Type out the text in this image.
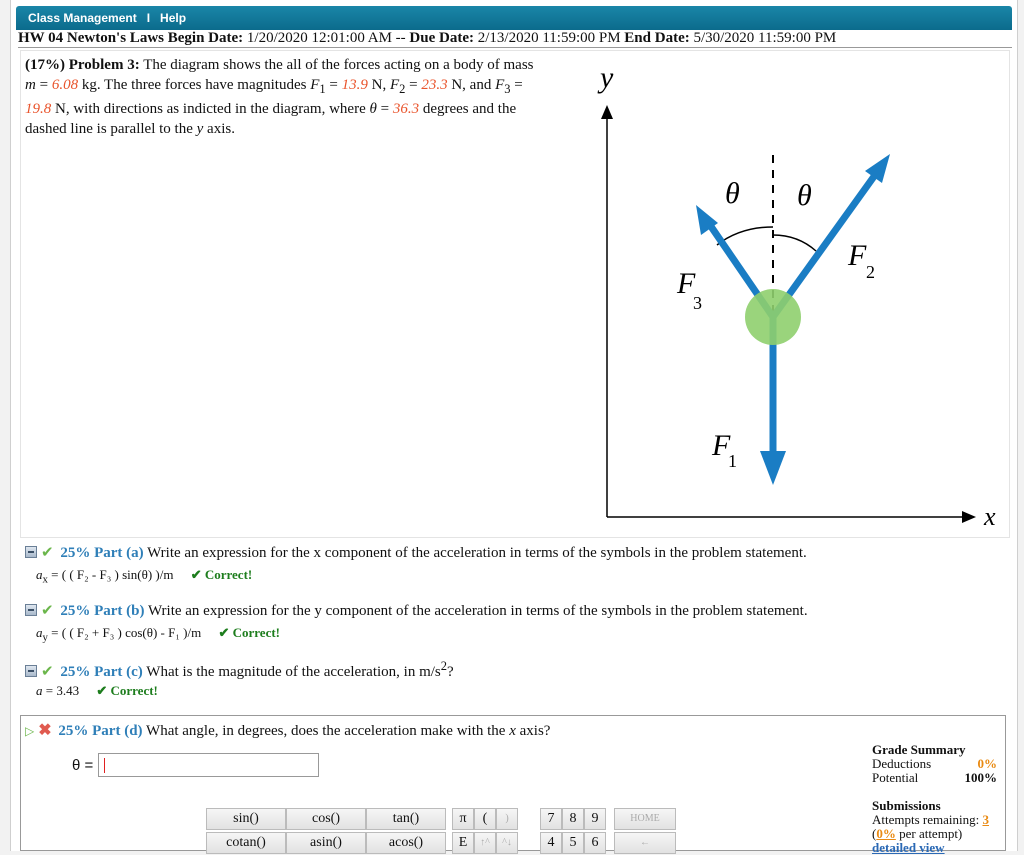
Class Management I Help
HW 04 Newton's Laws Begin Date: 1/20/2020 12:01:00 AM -- Due Date: 2/13/2020 11:59:00 PM End Date: 5/30/2020 11:59:00 PM
(17%) Problem 3: The diagram shows the all of the forces acting on a body of mass
m = 6.08 kg. The three forces have magnitudes $F_1 = 13.9$ N, $F_2 = 23.3$ N, and $F_3$ =
19.8 N, with directions as indicted in the diagram, where θ = 36.3 degrees and the
dashed line is parallel to the y axis.
y
x
θ θ
F 2
F
3
F
1
✔ 25% Part (a) Write an expression for the x component of the acceleration in terms of the symbols in the problem statement.
$a_x$ = ( ( F₂ - F₃ ) sin(θ) )/m ✔ Correct!
✔ 25% Part (b) Write an expression for the y component of the acceleration in terms of the symbols in the problem statement.
$a_y$ = ( ( F₂ + F₃ ) cos(θ) - F₁ )/m ✔ Correct!
✔ 25% Part (c) What is the magnitude of the acceleration, in $m/s^2$?
a = 3.43 ✔ Correct!
▷ ✖ 25% Part (d) What angle, in degrees, does the acceleration make with the x axis?
θ =
Grade Summary
Deductions	0%
Potential	100%
Submissions
Attempts remaining: 3
(0% per attempt)
detailed view
sin()	cos()	tan()	π	(	)	7	8	9	HOME
cotan()	asin()	acos()	E	↑^	^↓	4	5	6	←
